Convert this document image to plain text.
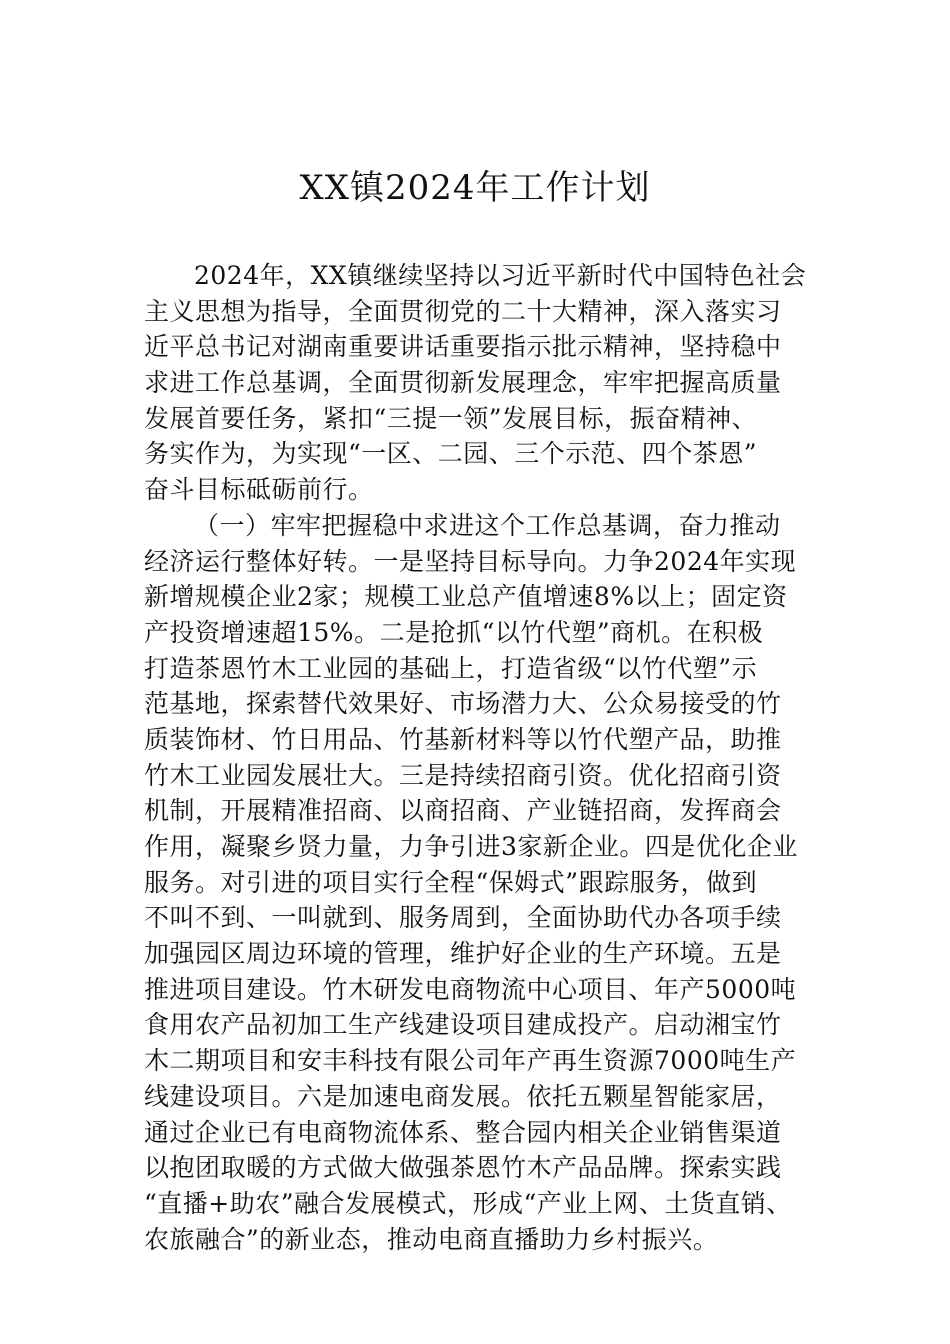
XX镇2024年工作计划
2024年，XX镇继续坚持以习近平新时代中国特色社会
主义思想为指导，全面贯彻党的二十大精神，深入落实习
近平总书记对湖南重要讲话重要指示批示精神，坚持稳中
求进工作总基调，全面贯彻新发展理念，牢牢把握高质量
发展首要任务，紧扣“三提一领”发展目标，振奋精神、
务实作为，为实现“一区、二园、三个示范、四个茶恩”
奋斗目标砥砺前行。
（一）牢牢把握稳中求进这个工作总基调，奋力推动
经济运行整体好转。一是坚持目标导向。力争2024年实现
新增规模企业2家；规模工业总产值增速8%以上；固定资
产投资增速超15%。二是抢抓“以竹代塑”商机。在积极
打造茶恩竹木工业园的基础上，打造省级“以竹代塑”示
范基地，探索替代效果好、市场潜力大、公众易接受的竹
质装饰材、竹日用品、竹基新材料等以竹代塑产品，助推
竹木工业园发展壮大。三是持续招商引资。优化招商引资
机制，开展精准招商、以商招商、产业链招商，发挥商会
作用，凝聚乡贤力量，力争引进3家新企业。四是优化企业
服务。对引进的项目实行全程“保姆式”跟踪服务，做到
不叫不到、一叫就到、服务周到，全面协助代办各项手续
加强园区周边环境的管理，维护好企业的生产环境。五是
推进项目建设。竹木研发电商物流中心项目、年产5000吨
食用农产品初加工生产线建设项目建成投产。启动湘宝竹
木二期项目和安丰科技有限公司年产再生资源7000吨生产
线建设项目。六是加速电商发展。依托五颗星智能家居，
通过企业已有电商物流体系、整合园内相关企业销售渠道
以抱团取暖的方式做大做强茶恩竹木产品品牌。探索实践
“直播+助农”融合发展模式，形成“产业上网、土货直销、
农旅融合”的新业态，推动电商直播助力乡村振兴。
